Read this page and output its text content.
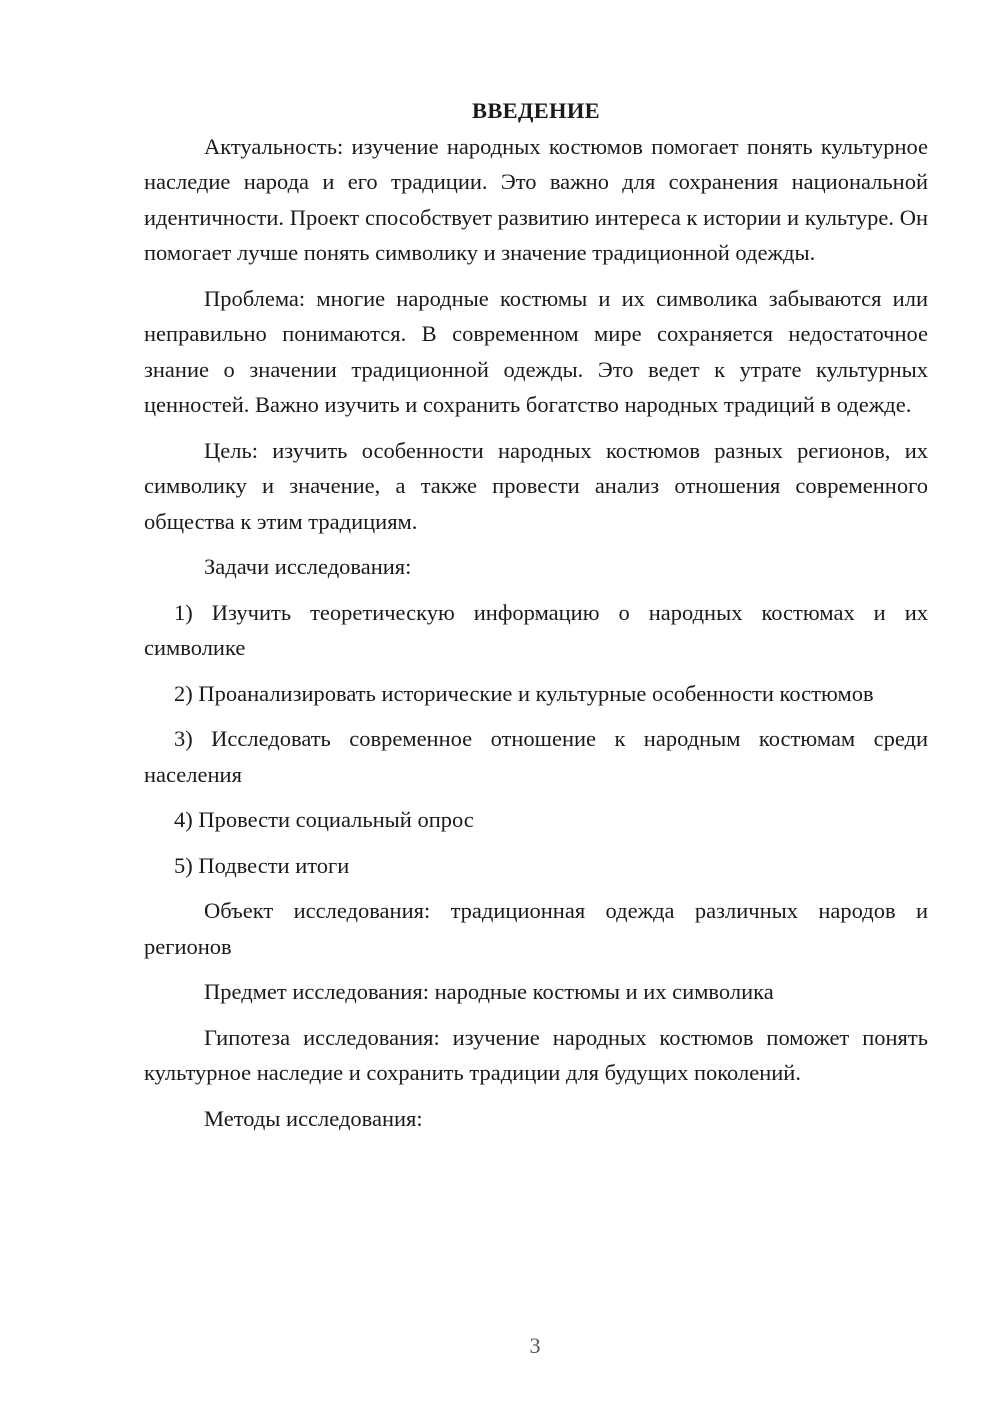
ВВЕДЕНИЕ

Актуальность: изучение народных костюмов помогает понять культурное наследие народа и его традиции. Это важно для сохранения национальной идентичности. Проект способствует развитию интереса к истории и культуре. Он помогает лучше понять символику и значение традиционной одежды.

Проблема: многие народные костюмы и их символика забываются или неправильно понимаются. В современном мире сохраняется недостаточное знание о значении традиционной одежды. Это ведет к утрате культурных ценностей. Важно изучить и сохранить богатство народных традиций в одежде.

Цель: изучить особенности народных костюмов разных регионов, их символику и значение, а также провести анализ отношения современного общества к этим традициям.

Задачи исследования:

1) Изучить теоретическую информацию о народных костюмах и их символике

2) Проанализировать исторические и культурные особенности костюмов

3) Исследовать современное отношение к народным костюмам среди населения

4) Провести социальный опрос

5) Подвести итоги

Объект исследования: традиционная одежда различных народов и регионов

Предмет исследования: народные костюмы и их символика

Гипотеза исследования: изучение народных костюмов поможет понять культурное наследие и сохранить традиции для будущих поколений.

Методы исследования:

3
